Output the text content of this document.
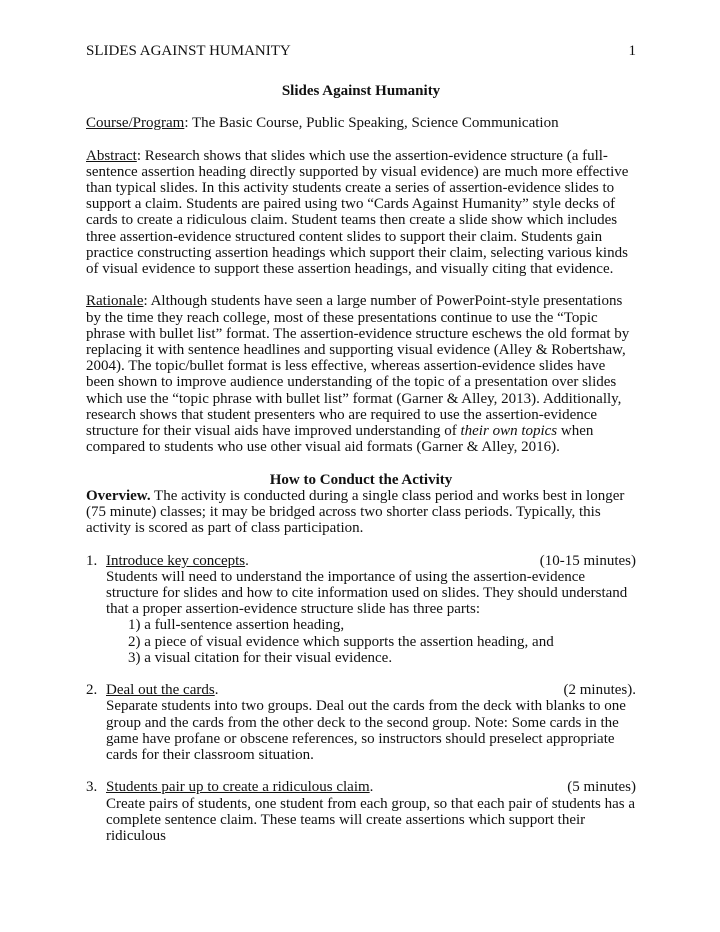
SLIDES AGAINST HUMANITY	1
Slides Against Humanity

Course/Program: The Basic Course, Public Speaking, Science Communication

Abstract: Research shows that slides which use the assertion-evidence structure (a full-sentence assertion heading directly supported by visual evidence) are much more effective than typical slides. In this activity students create a series of assertion-evidence slides to support a claim. Students are paired using two “Cards Against Humanity” style decks of cards to create a ridiculous claim. Student teams then create a slide show which includes three assertion-evidence structured content slides to support their claim. Students gain practice constructing assertion headings which support their claim, selecting various kinds of visual evidence to support these assertion headings, and visually citing that evidence.

Rationale: Although students have seen a large number of PowerPoint-style presentations by the time they reach college, most of these presentations continue to use the “Topic phrase with bullet list” format. The assertion-evidence structure eschews the old format by replacing it with sentence headlines and supporting visual evidence (Alley & Robertshaw, 2004). The topic/bullet format is less effective, whereas assertion-evidence slides have been shown to improve audience understanding of the topic of a presentation over slides which use the “topic phrase with bullet list” format (Garner & Alley, 2013). Additionally, research shows that student presenters who are required to use the assertion-evidence structure for their visual aids have improved understanding of their own topics when compared to students who use other visual aid formats (Garner & Alley, 2016).

How to Conduct the Activity

Overview. The activity is conducted during a single class period and works best in longer (75 minute) classes; it may be bridged across two shorter class periods. Typically, this activity is scored as part of class participation.

1. Introduce key concepts.	(10-15 minutes)
Students will need to understand the importance of using the assertion-evidence structure for slides and how to cite information used on slides. They should understand that a proper assertion-evidence structure slide has three parts:
1) a full-sentence assertion heading,
2) a piece of visual evidence which supports the assertion heading, and
3) a visual citation for their visual evidence.
2. Deal out the cards.	(2 minutes).
Separate students into two groups. Deal out the cards from the deck with blanks to one group and the cards from the other deck to the second group. Note: Some cards in the game have profane or obscene references, so instructors should preselect appropriate cards for their classroom situation.
3. Students pair up to create a ridiculous claim.	(5 minutes)
Create pairs of students, one student from each group, so that each pair of students has a complete sentence claim. These teams will create assertions which support their ridiculous
